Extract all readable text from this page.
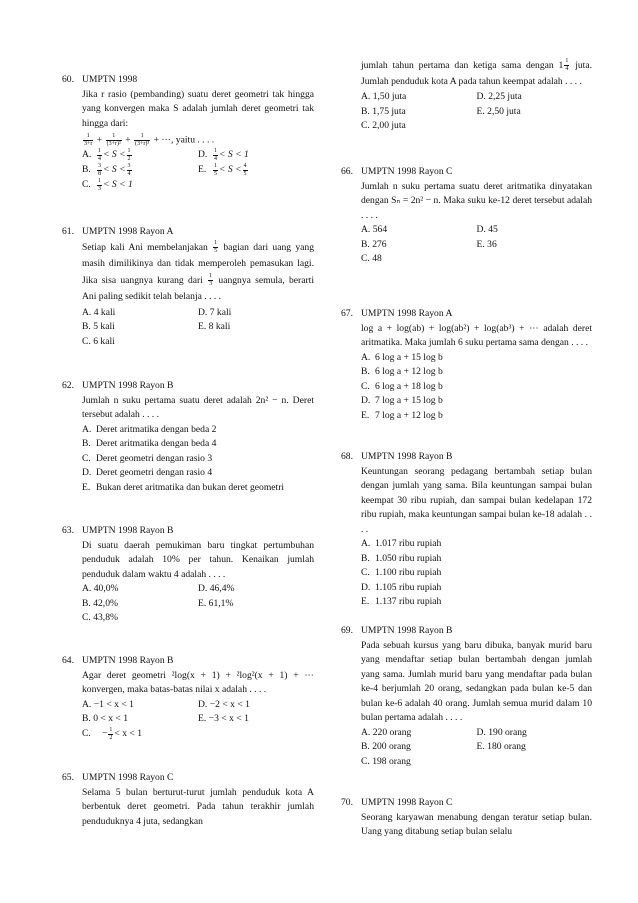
60. UMPTN 1998
Jika r rasio (pembanding) suatu deret geometri tak hingga yang konvergen maka S adalah jumlah deret geometri tak hingga dari:
$\frac{1}{3+r} + \frac{1}{\text{(3+r)²}} + \frac{1}{\text{(3+r)³}}$ + ⋯, yaitu . . . .
A. $\frac{1}{4} < S < \frac{1}{2}$	D. $\frac{1}{4} < S < 1$
B.	$\frac{3}{8} < S < \frac{3}{4}$	E.	$\frac{1}{5} < S < \frac{4}{5}$
C.	$\frac{1}{3} < S < 1$
61. UMPTN 1998 Rayon A
Setiap kali Ani membelanjakan $\frac{1}{5}$ bagian dari uang yang masih dimilikinya dan tidak memperoleh pemasukan lagi. Jika sisa uangnya kurang dari $\frac{1}{3}$ uangnya semula, berarti Ani paling sedikit telah belanja . . . .
A. 4 kali	D. 7 kali
B. 5 kali	E. 8 kali
C. 6 kali
62. UMPTN 1998 Rayon B
Jumlah n suku pertama suatu deret adalah 2n² − n. Deret tersebut adalah . . . .
A. Deret aritmatika dengan beda 2
B. Deret aritmatika dengan beda 4
C. Deret geometri dengan rasio 3
D. Deret geometri dengan rasio 4
E. Bukan deret aritmatika dan bukan deret geometri
63. UMPTN 1998 Rayon B
Di suatu daerah pemukiman baru tingkat pertumbuhan penduduk adalah 10% per tahun. Kenaikan jumlah penduduk dalam waktu 4 adalah . . . .
A. 40,0%	D. 46,4%
B. 42,0%	E. 61,1%
C. 43,8%
64. UMPTN 1998 Rayon B
Agar deret geometri ²log(x + 1) + ²log²(x + 1) + ⋯ konvergen, maka batas-batas nilai x adalah . . . .
A. −1 < x < 1	D. −2 < x < 1
B. 0 < x < 1	E. −3 < x < 1
C.	− $\frac{1}{2} < x < 1$
65. UMPTN 1998 Rayon C
Selama 5 bulan berturut-turut jumlah penduduk kota A berbentuk deret geometri. Pada tahun terakhir jumlah penduduknya 4 juta, sedangkan
jumlah tahun pertama dan ketiga sama dengan $1 \frac{1}{4}$ juta. Jumlah penduduk kota A pada tahun keempat adalah . . . .
A. 1,50 juta	D. 2,25 juta
B. 1,75 juta	E. 2,50 juta
C. 2,00 juta
66. UMPTN 1998 Rayon C
Jumlah n suku pertama suatu deret aritmatika dinyatakan dengan Sₙ = 2n² − n. Maka suku ke-12 deret tersebut adalah . . . .
A. 564	D. 45
B. 276	E. 36
C. 48
67. UMPTN 1998 Rayon A
log a + log(ab) + log(ab²) + log(ab³) + ⋯ adalah deret aritmatika. Maka jumlah 6 suku pertama sama dengan . . . .
A. 6 log a + 15 log b
B. 6 log a + 12 log b
C. 6 log a + 18 log b
D. 7 log a + 15 log b
E. 7 log a + 12 log b
68. UMPTN 1998 Rayon B
Keuntungan seorang pedagang bertambah setiap bulan dengan jumlah yang sama. Bila keuntungan sampai bulan keempat 30 ribu rupiah, dan sampai bulan kedelapan 172 ribu rupiah, maka keuntungan sampai bulan ke-18 adalah . . . .
A. 1.017 ribu rupiah
B. 1.050 ribu rupiah
C. 1.100 ribu rupiah
D. 1.105 ribu rupiah
E. 1.137 ribu rupiah
69. UMPTN 1998 Rayon B
Pada sebuah kursus yang baru dibuka, banyak murid baru yang mendaftar setiap bulan bertambah dengan jumlah yang sama. Jumlah murid baru yang mendaftar pada bulan ke-4 berjumlah 20 orang, sedangkan pada bulan ke-5 dan bulan ke-6 adalah 40 orang. Jumlah semua murid dalam 10 bulan pertama adalah . . . .
A. 220 orang	D. 190 orang
B. 200 orang	E. 180 orang
C. 198 orang
70. UMPTN 1998 Rayon C
Seorang karyawan menabung dengan teratur setiap bulan. Uang yang ditabung setiap bulan selalu
